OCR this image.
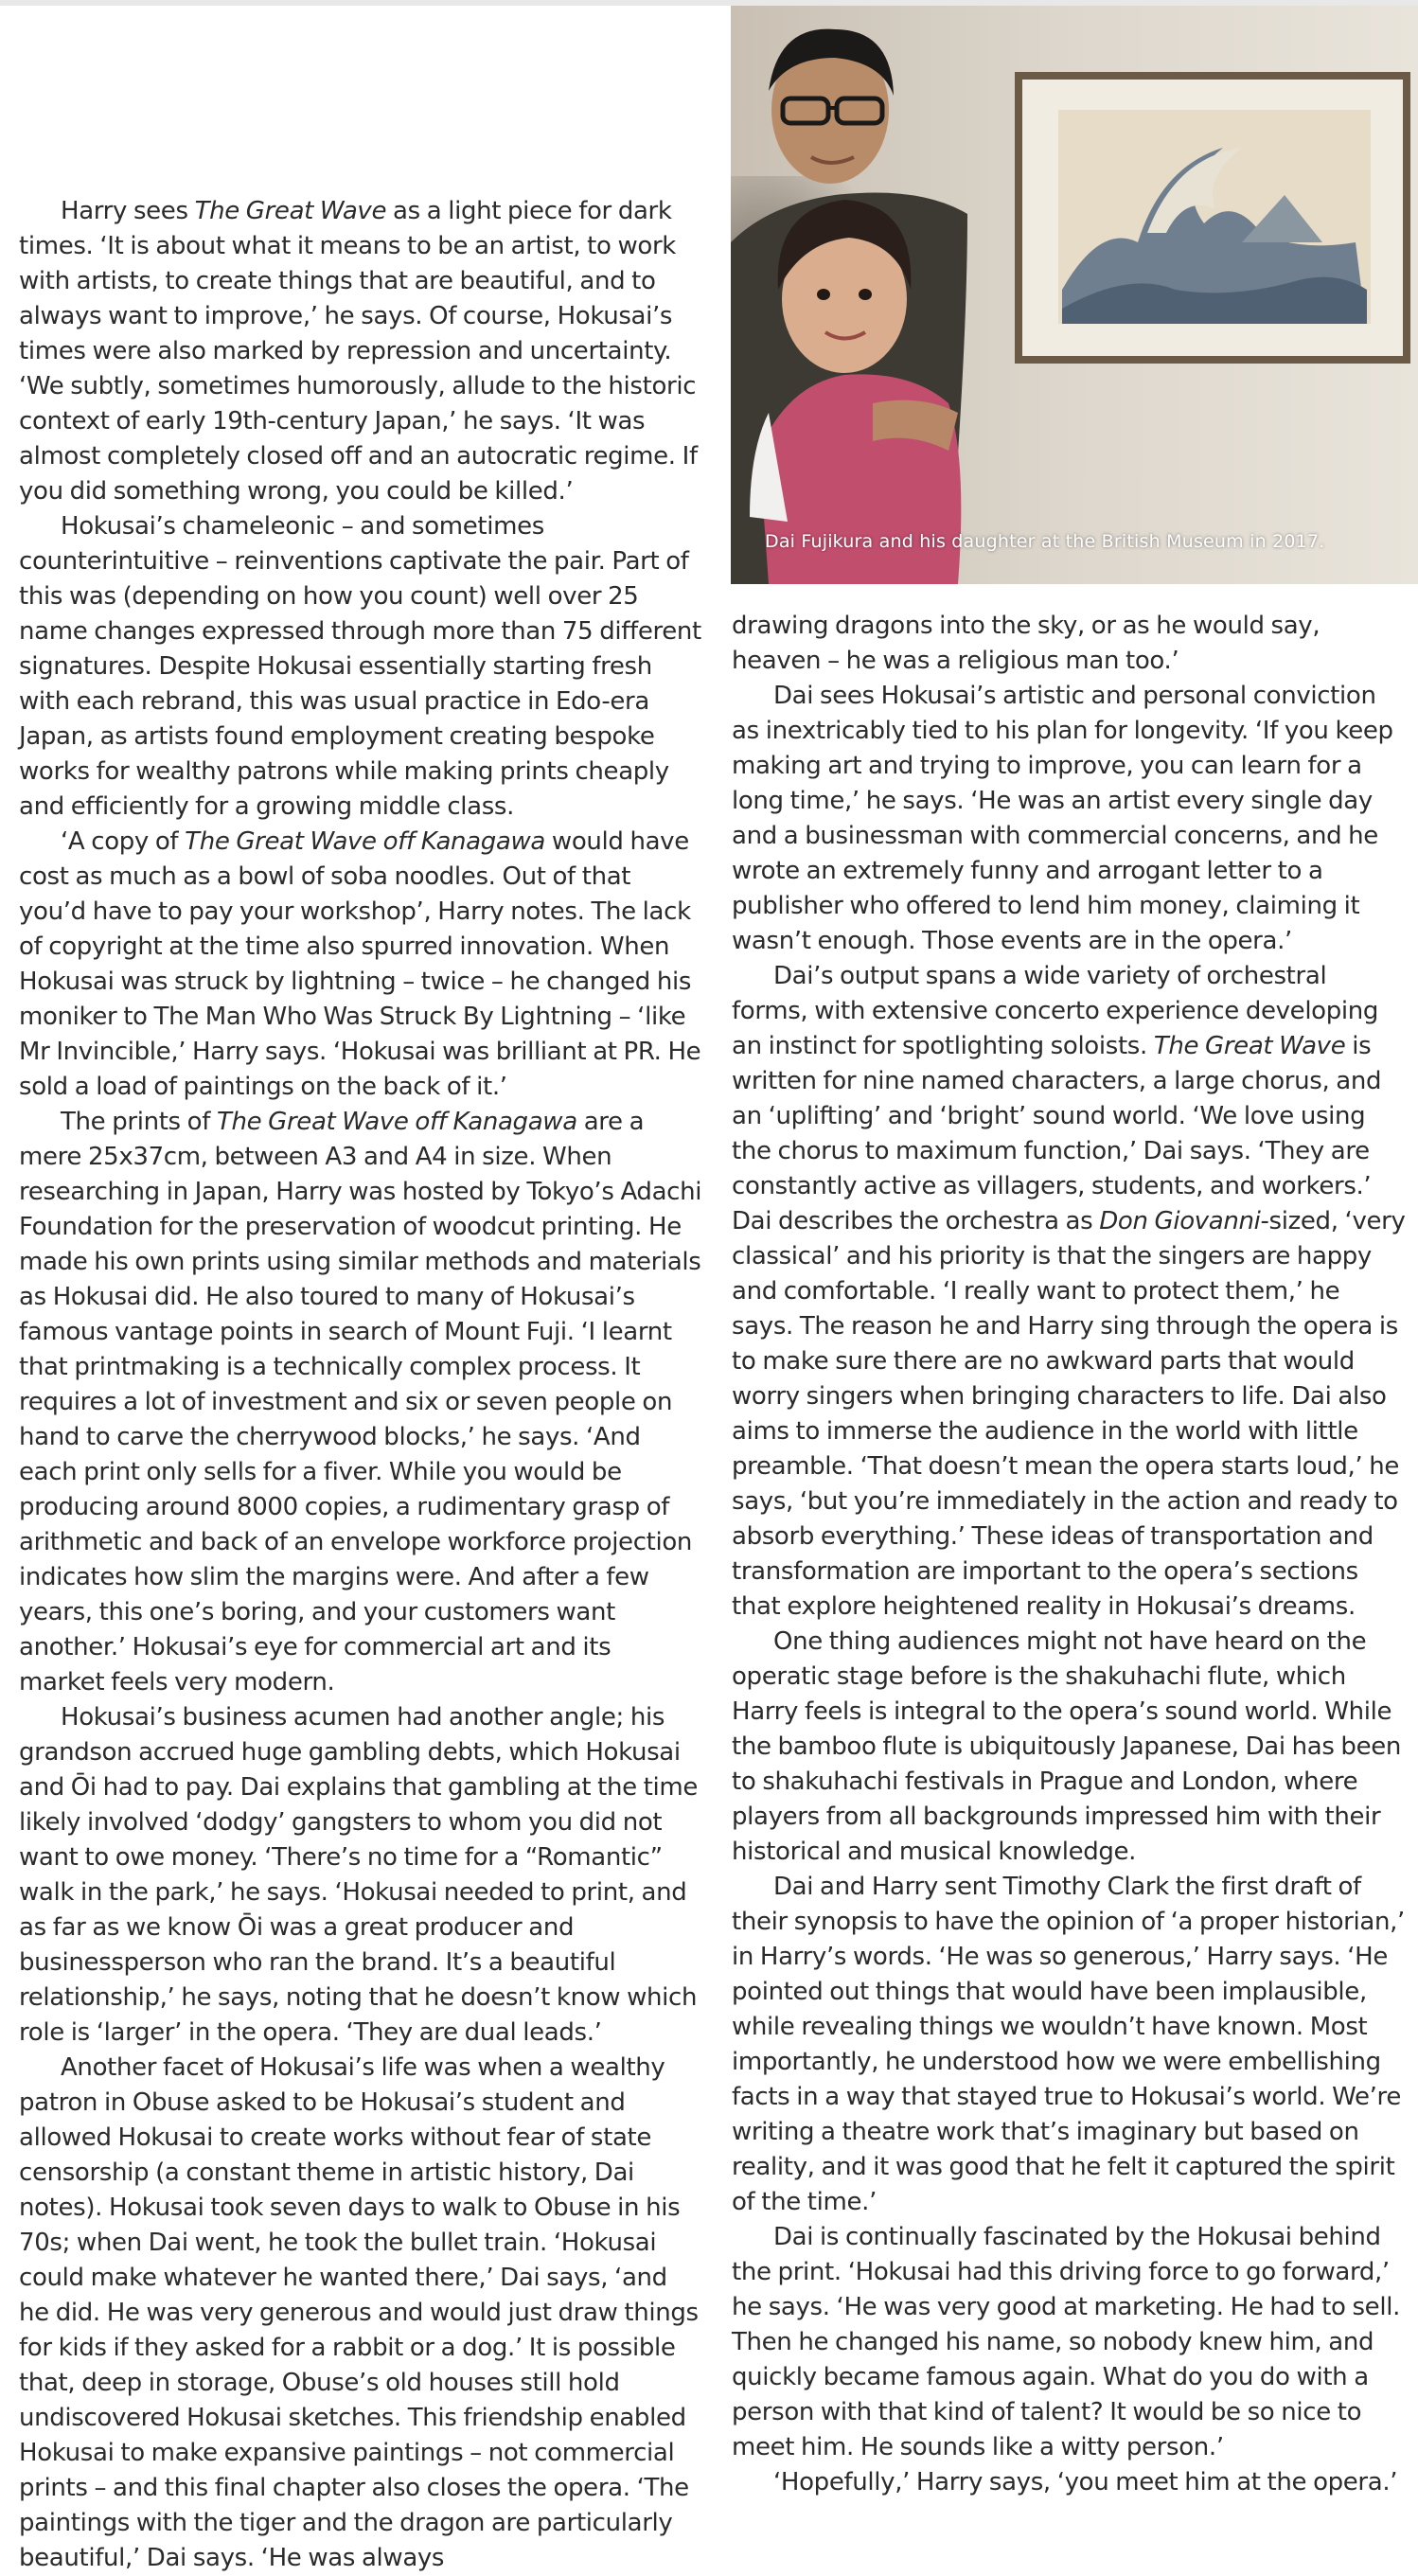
Dai Fujikura and his daughter at the British Museum in 2017.

Harry sees The Great Wave as a light piece for dark times. ‘It is about what it means to be an artist, to work with artists, to create things that are beautiful, and to always want to improve,’ he says. Of course, Hokusai’s times were also marked by repression and uncertainty. ‘We subtly, sometimes humorously, allude to the historic context of early 19th-century Japan,’ he says. ‘It was almost completely closed off and an autocratic regime. If you did something wrong, you could be killed.’

Hokusai’s chameleonic – and sometimes counterintuitive – reinventions captivate the pair. Part of this was (depending on how you count) well over 25 name changes expressed through more than 75 different signatures. Despite Hokusai essentially starting fresh with each rebrand, this was usual practice in Edo-era Japan, as artists found employment creating bespoke works for wealthy patrons while making prints cheaply and efficiently for a growing middle class.

‘A copy of The Great Wave off Kanagawa would have cost as much as a bowl of soba noodles. Out of that you’d have to pay your workshop’, Harry notes. The lack of copyright at the time also spurred innovation. When Hokusai was struck by lightning – twice – he changed his moniker to The Man Who Was Struck By Lightning – ‘like Mr Invincible,’ Harry says. ‘Hokusai was brilliant at PR. He sold a load of paintings on the back of it.’

The prints of The Great Wave off Kanagawa are a mere 25x37cm, between A3 and A4 in size. When researching in Japan, Harry was hosted by Tokyo’s Adachi Foundation for the preservation of woodcut printing. He made his own prints using similar methods and materials as Hokusai did. He also toured to many of Hokusai’s famous vantage points in search of Mount Fuji. ‘I learnt that printmaking is a technically complex process. It requires a lot of investment and six or seven people on hand to carve the cherrywood blocks,’ he says. ‘And each print only sells for a fiver. While you would be producing around 8000 copies, a rudimentary grasp of arithmetic and back of an envelope workforce projection indicates how slim the margins were. And after a few years, this one’s boring, and your customers want another.’ Hokusai’s eye for commercial art and its market feels very modern.

Hokusai’s business acumen had another angle; his grandson accrued huge gambling debts, which Hokusai and Ōi had to pay. Dai explains that gambling at the time likely involved ‘dodgy’ gangsters to whom you did not want to owe money. ‘There’s no time for a “Romantic” walk in the park,’ he says. ‘Hokusai needed to print, and as far as we know Ōi was a great producer and businessperson who ran the brand. It’s a beautiful relationship,’ he says, noting that he doesn’t know which role is ‘larger’ in the opera. ‘They are dual leads.’

Another facet of Hokusai’s life was when a wealthy patron in Obuse asked to be Hokusai’s student and allowed Hokusai to create works without fear of state censorship (a constant theme in artistic history, Dai notes). Hokusai took seven days to walk to Obuse in his 70s; when Dai went, he took the bullet train. ‘Hokusai could make whatever he wanted there,’ Dai says, ‘and he did. He was very generous and would just draw things for kids if they asked for a rabbit or a dog.’ It is possible that, deep in storage, Obuse’s old houses still hold undiscovered Hokusai sketches. This friendship enabled Hokusai to make expansive paintings – not commercial prints – and this final chapter also closes the opera. ‘The paintings with the tiger and the dragon are particularly beautiful,’ Dai says. ‘He was always

drawing dragons into the sky, or as he would say, heaven – he was a religious man too.’

Dai sees Hokusai’s artistic and personal conviction as inextricably tied to his plan for longevity. ‘If you keep making art and trying to improve, you can learn for a long time,’ he says. ‘He was an artist every single day and a businessman with commercial concerns, and he wrote an extremely funny and arrogant letter to a publisher who offered to lend him money, claiming it wasn’t enough. Those events are in the opera.’

Dai’s output spans a wide variety of orchestral forms, with extensive concerto experience developing an instinct for spotlighting soloists. The Great Wave is written for nine named characters, a large chorus, and an ‘uplifting’ and ‘bright’ sound world. ‘We love using the chorus to maximum function,’ Dai says. ‘They are constantly active as villagers, students, and workers.’ Dai describes the orchestra as Don Giovanni-sized, ‘very classical’ and his priority is that the singers are happy and comfortable. ‘I really want to protect them,’ he says. The reason he and Harry sing through the opera is to make sure there are no awkward parts that would worry singers when bringing characters to life. Dai also aims to immerse the audience in the world with little preamble. ‘That doesn’t mean the opera starts loud,’ he says, ‘but you’re immediately in the action and ready to absorb everything.’ These ideas of transportation and transformation are important to the opera’s sections that explore heightened reality in Hokusai’s dreams.

One thing audiences might not have heard on the operatic stage before is the shakuhachi flute, which Harry feels is integral to the opera’s sound world. While the bamboo flute is ubiquitously Japanese, Dai has been to shakuhachi festivals in Prague and London, where players from all backgrounds impressed him with their historical and musical knowledge.

Dai and Harry sent Timothy Clark the first draft of their synopsis to have the opinion of ‘a proper historian,’ in Harry’s words. ‘He was so generous,’ Harry says. ‘He pointed out things that would have been implausible, while revealing things we wouldn’t have known. Most importantly, he understood how we were embellishing facts in a way that stayed true to Hokusai’s world. We’re writing a theatre work that’s imaginary but based on reality, and it was good that he felt it captured the spirit of the time.’

Dai is continually fascinated by the Hokusai behind the print. ‘Hokusai had this driving force to go forward,’ he says. ‘He was very good at marketing. He had to sell. Then he changed his name, so nobody knew him, and quickly became famous again. What do you do with a person with that kind of talent? It would be so nice to meet him. He sounds like a witty person.’

‘Hopefully,’ Harry says, ‘you meet him at the opera.’
